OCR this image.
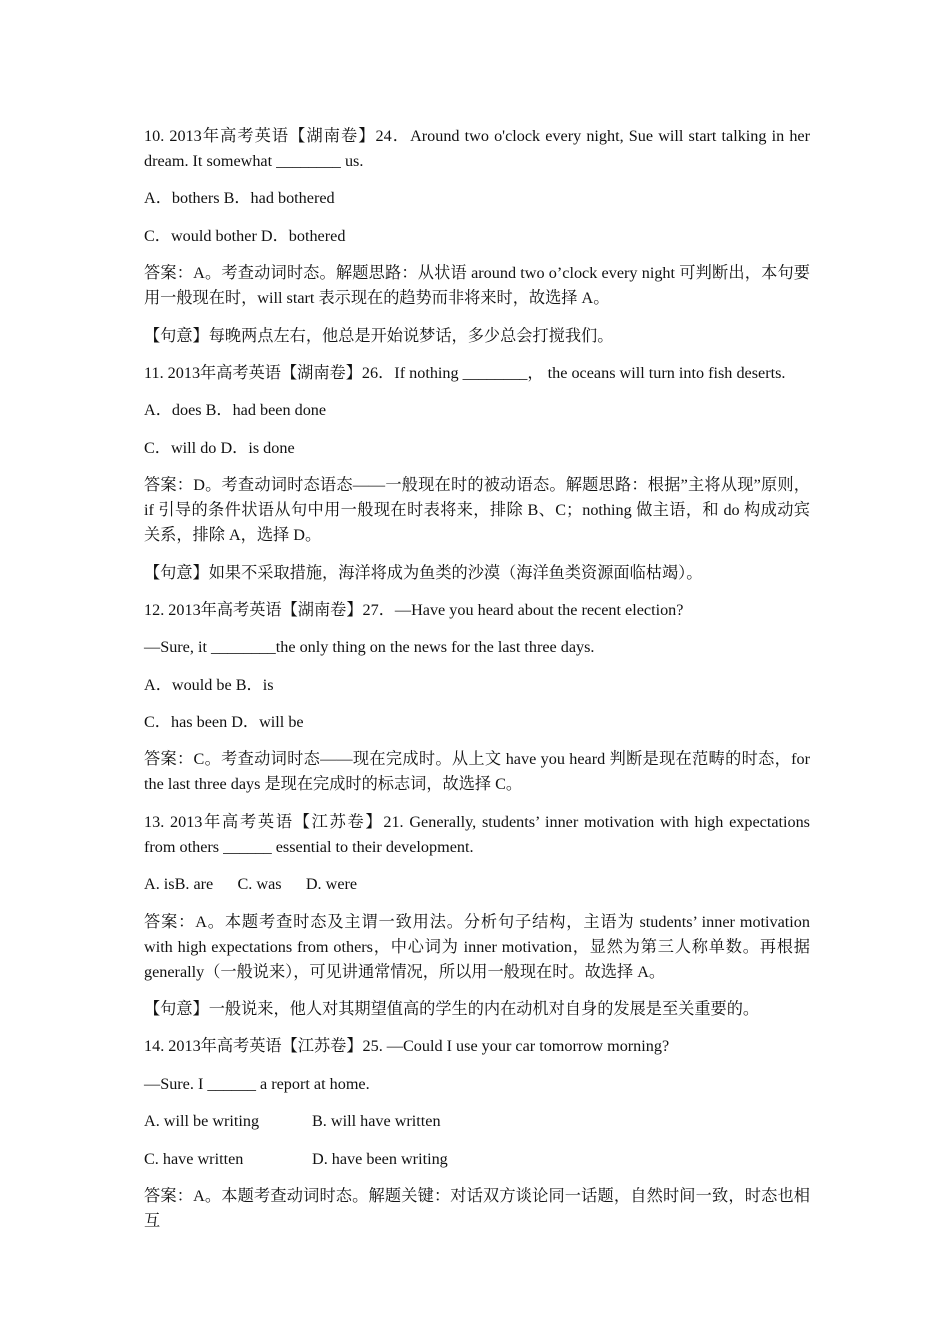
10. 2013年高考英语【湖南卷】24．Around two o'clock every night, Sue will start talking in her dream. It somewhat ________ us.

A．bothers B．had bothered

C．would bother D．bothered

答案：A。考查动词时态。解题思路：从状语 around two o’clock every night 可判断出，本句要用一般现在时，will start 表示现在的趋势而非将来时，故选择 A。

【句意】每晚两点左右，他总是开始说梦话，多少总会打搅我们。

11. 2013年高考英语【湖南卷】26．If nothing ________， the oceans will turn into fish deserts.

A．does B．had been done

C．will do D．is done

答案：D。考查动词时态语态——一般现在时的被动语态。解题思路：根据”主将从现”原则，if 引导的条件状语从句中用一般现在时表将来，排除 B、C；nothing 做主语，和 do 构成动宾关系，排除 A，选择 D。

【句意】如果不采取措施，海洋将成为鱼类的沙漠（海洋鱼类资源面临枯竭）。

12. 2013年高考英语【湖南卷】27．—Have you heard about the recent election?

—Sure, it ________the only thing on the news for the last three days.

A．would be B．is

C．has been D．will be

答案：C。考查动词时态——现在完成时。从上文 have you heard 判断是现在范畴的时态，for the last three days 是现在完成时的标志词，故选择 C。

13. 2013年高考英语【江苏卷】21. Generally, students’ inner motivation with high expectations from others ______ essential to their development.

A. isB. are      C. was      D. were

答案：A。本题考查时态及主谓一致用法。分析句子结构，主语为 students’ inner motivation with high expectations from others，中心词为 inner motivation，显然为第三人称单数。再根据 generally（一般说来），可见讲通常情况，所以用一般现在时。故选择 A。

【句意】一般说来，他人对其期望值高的学生的内在动机对自身的发展是至关重要的。

14. 2013年高考英语【江苏卷】25. —Could I use your car tomorrow morning?

—Sure. I ______ a report at home.

A. will be writing	B. will have written

C. have written	D. have been writing

答案：A。本题考查动词时态。解题关键：对话双方谈论同一话题，自然时间一致，时态也相互
